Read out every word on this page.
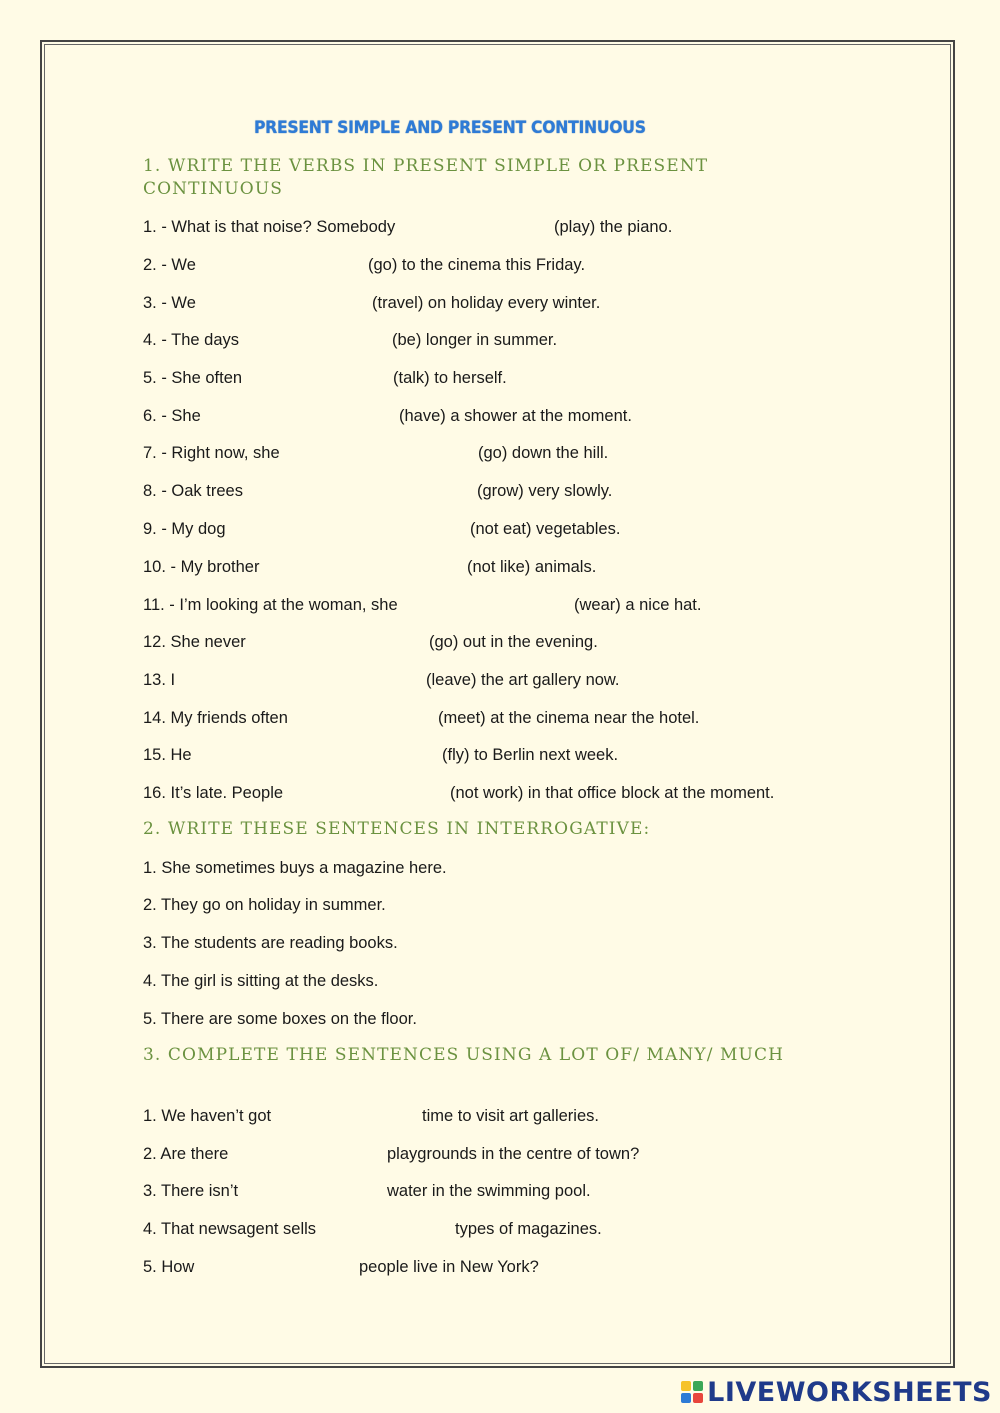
PRESENT SIMPLE AND PRESENT CONTINUOUS
1. WRITE THE VERBS IN PRESENT SIMPLE OR PRESENT CONTINUOUS
1. - What is that noise? Somebody	(play) the piano.
2. - We	(go) to the cinema this Friday.
3. - We	(travel) on holiday every winter.
4. - The days	(be) longer in summer.
5. - She often	(talk) to herself.
6. - She	(have) a shower at the moment.
7. - Right now, she	(go) down the hill.
8. - Oak trees	(grow) very slowly.
9. - My dog	(not eat) vegetables.
10. - My brother	(not like) animals.
11. - I’m looking at the woman, she	(wear) a nice hat.
12. She never	(go) out in the evening.
13. I	(leave) the art gallery now.
14. My friends often	(meet) at the cinema near the hotel.
15. He	(fly) to Berlin next week.
16. It’s late. People	(not work) in that office block at the moment.
2. WRITE THESE SENTENCES IN INTERROGATIVE:
1. She sometimes buys a magazine here.
2. They go on holiday in summer.
3. The students are reading books.
4. The girl is sitting at the desks.
5. There are some boxes on the floor.
3. COMPLETE THE SENTENCES USING A LOT OF/ MANY/ MUCH
1. We haven’t got	time to visit art galleries.
2. Are there	playgrounds in the centre of town?
3. There isn’t	water in the swimming pool.
4. That newsagent sells	types of magazines.
5. How	people live in New York?
LIVEWORKSHEETS
